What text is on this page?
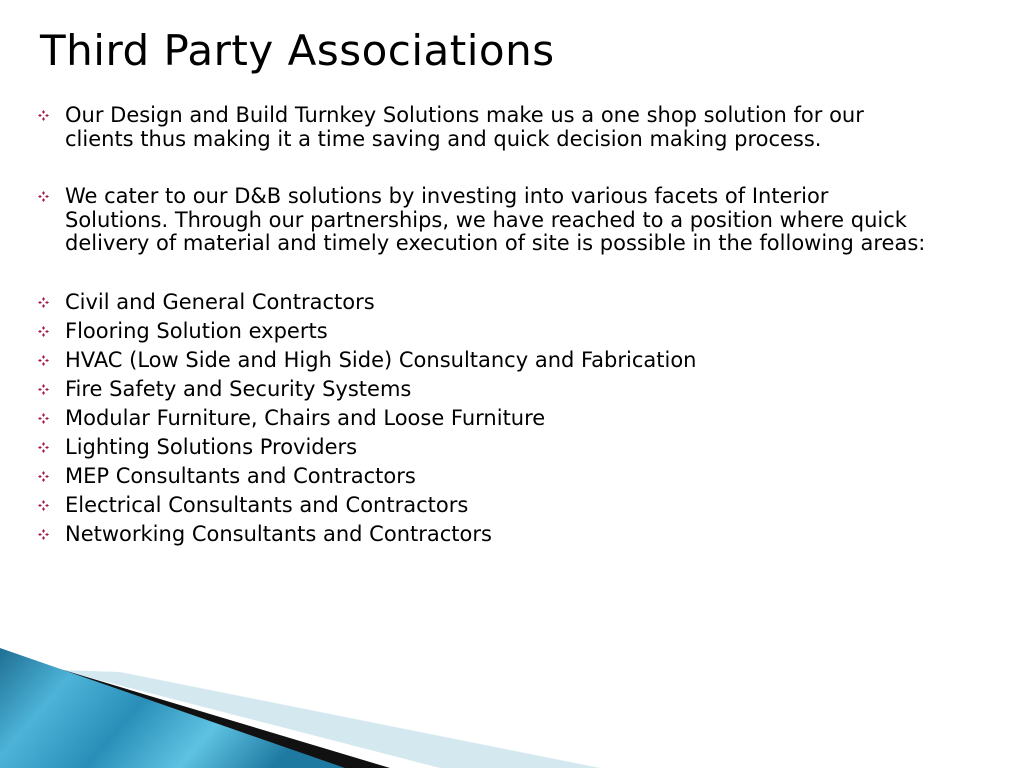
Third Party Associations
Our Design and Build Turnkey Solutions make us a one shop solution for our clients thus making it a time saving and quick decision making process.
We cater to our D&B solutions by investing into various facets of Interior Solutions. Through our partnerships, we have reached to a position where quick delivery of material and timely execution of site is possible in the following areas:
Civil and General Contractors
Flooring Solution experts
HVAC (Low Side and High Side) Consultancy and Fabrication
Fire Safety and Security Systems
Modular Furniture, Chairs and Loose Furniture
Lighting Solutions Providers
MEP Consultants and Contractors
Electrical Consultants and Contractors
Networking Consultants and Contractors
